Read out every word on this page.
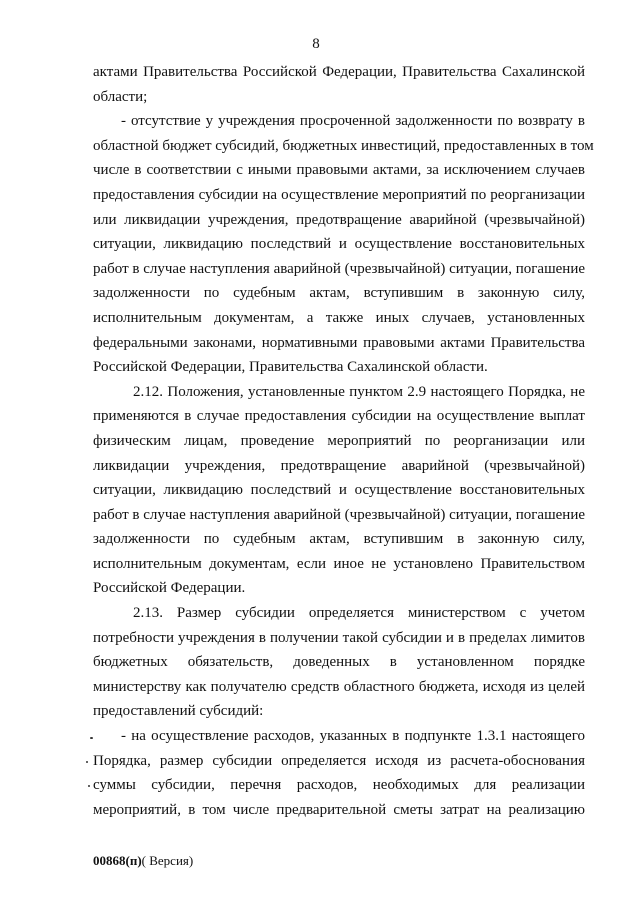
8
актами Правительства Российской Федерации, Правительства Сахалинской
области;
- отсутствие у учреждения просроченной задолженности по возврату в
областной бюджет субсидий, бюджетных инвестиций, предоставленных в том
числе в соответствии с иными правовыми актами, за исключением случаев
предоставления субсидии на осуществление мероприятий по реорганизации
или ликвидации учреждения, предотвращение аварийной (чрезвычайной)
ситуации, ликвидацию последствий и осуществление восстановительных
работ в случае наступления аварийной (чрезвычайной) ситуации, погашение
задолженности по судебным актам, вступившим в законную силу,
исполнительным документам, а также иных случаев, установленных
федеральными законами, нормативными правовыми актами Правительства
Российской Федерации, Правительства Сахалинской области.
2.12. Положения, установленные пунктом 2.9 настоящего Порядка, не
применяются в случае предоставления субсидии на осуществление выплат
физическим лицам, проведение мероприятий по реорганизации или
ликвидации учреждения, предотвращение аварийной (чрезвычайной)
ситуации, ликвидацию последствий и осуществление восстановительных
работ в случае наступления аварийной (чрезвычайной) ситуации, погашение
задолженности по судебным актам, вступившим в законную силу,
исполнительным документам, если иное не установлено Правительством
Российской Федерации.
2.13. Размер субсидии определяется министерством с учетом
потребности учреждения в получении такой субсидии и в пределах лимитов
бюджетных обязательств, доведенных в установленном порядке
министерству как получателю средств областного бюджета, исходя из целей
предоставлений субсидий:
- на осуществление расходов, указанных в подпункте 1.3.1 настоящего
Порядка, размер субсидии определяется исходя из расчета-обоснования
суммы субсидии, перечня расходов, необходимых для реализации
мероприятий, в том числе предварительной сметы затрат на реализацию
00868(п)( Версия)
